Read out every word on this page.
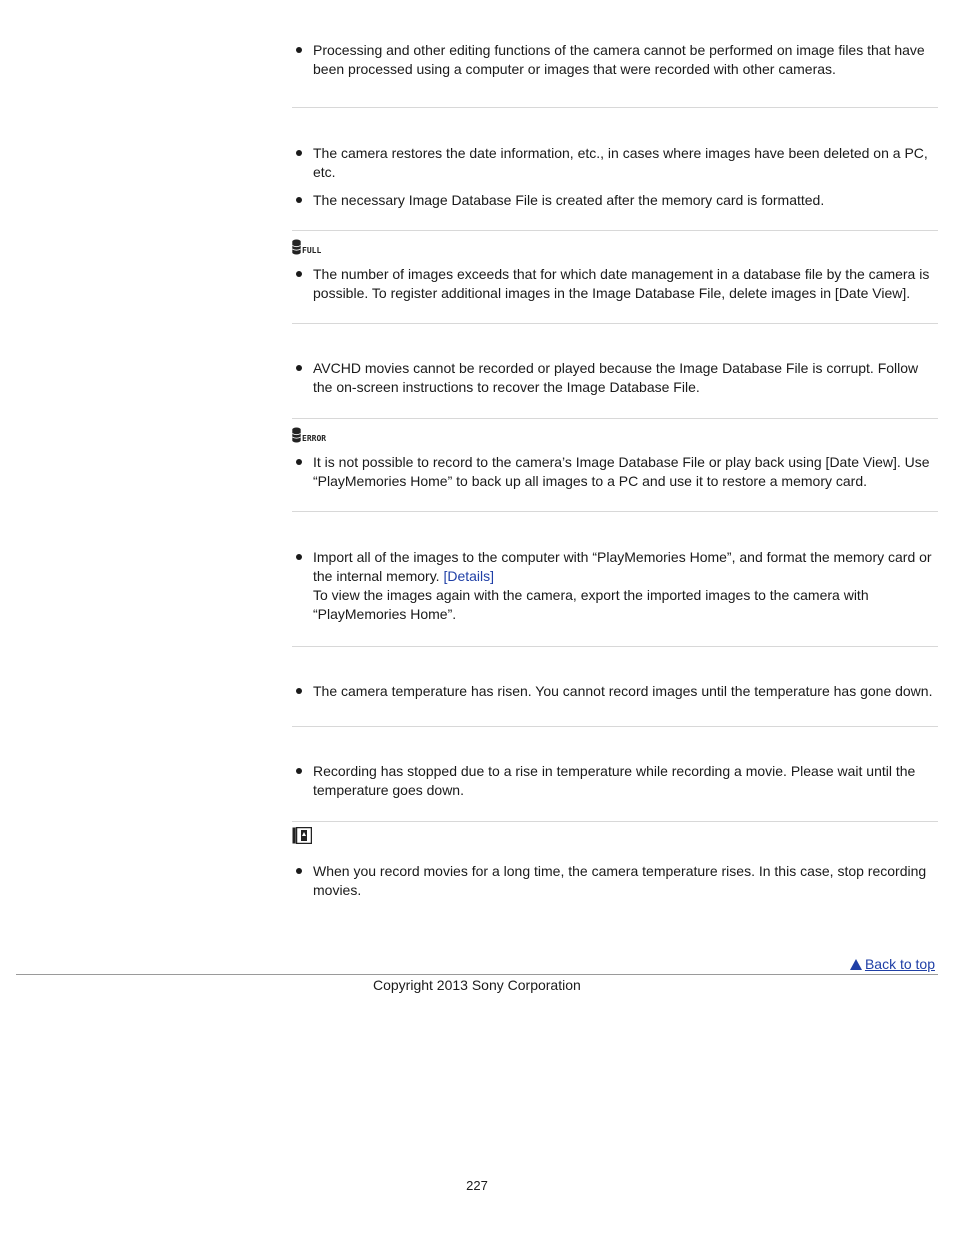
Processing and other editing functions of the camera cannot be performed on image files that have been processed using a computer or images that were recorded with other cameras.
The camera restores the date information, etc., in cases where images have been deleted on a PC, etc.
The necessary Image Database File is created after the memory card is formatted.
FULL
The number of images exceeds that for which date management in a database file by the camera is possible. To register additional images in the Image Database File, delete images in [Date View].
AVCHD movies cannot be recorded or played because the Image Database File is corrupt. Follow the on-screen instructions to recover the Image Database File.
ERROR
It is not possible to record to the camera’s Image Database File or play back using [Date View]. Use “PlayMemories Home” to back up all images to a PC and use it to restore a memory card.
Import all of the images to the computer with “PlayMemories Home”, and format the memory card or the internal memory. [Details]
To view the images again with the camera, export the imported images to the camera with “PlayMemories Home”.
The camera temperature has risen. You cannot record images until the temperature has gone down.
Recording has stopped due to a rise in temperature while recording a movie. Please wait until the temperature goes down.
When you record movies for a long time, the camera temperature rises. In this case, stop recording movies.
Back to top
Copyright 2013 Sony Corporation
227
